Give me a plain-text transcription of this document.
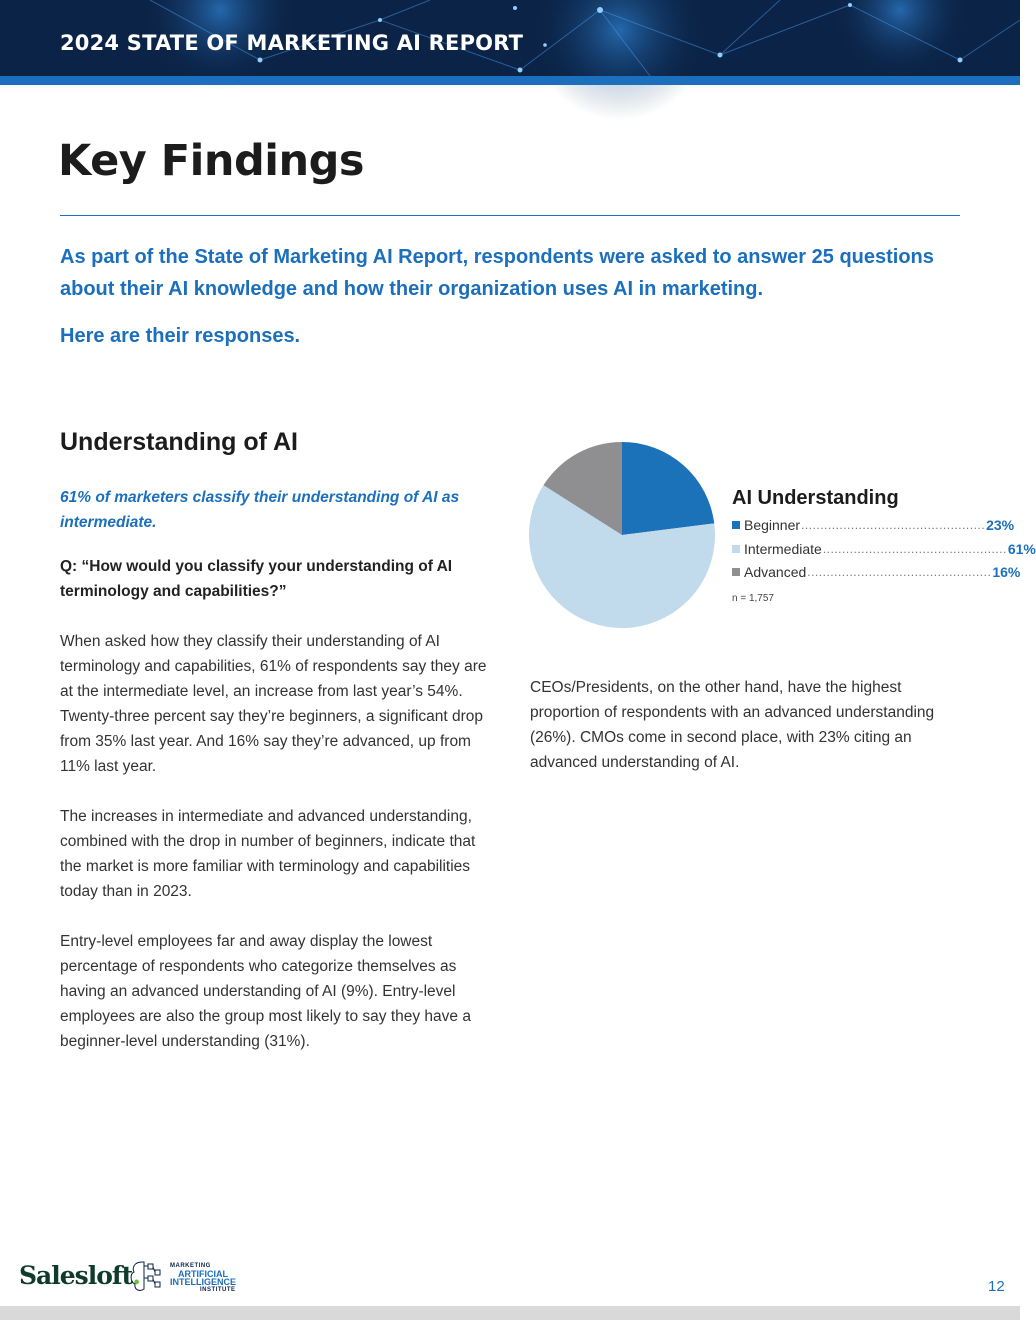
2024 STATE OF MARKETING AI REPORT
Key Findings

As part of the State of Marketing AI Report, respondents were asked to answer 25 questions about their AI knowledge and how their organization uses AI in marketing.

Here are their responses.

Understanding of AI

61% of marketers classify their understanding of AI as intermediate.

Q: “How would you classify your understanding of AI terminology and capabilities?”

When asked how they classify their understanding of AI terminology and capabilities, 61% of respondents say they are at the intermediate level, an increase from last year’s 54%. Twenty-three percent say they’re beginners, a significant drop from 35% last year. And 16% say they’re advanced, up from 11% last year.

The increases in intermediate and advanced understanding, combined with the drop in number of beginners, indicate that the market is more familiar with terminology and capabilities today than in 2023.

Entry-level employees far and away display the lowest percentage of respondents who categorize themselves as having an advanced understanding of AI (9%). Entry-level employees are also the group most likely to say they have a beginner-level understanding (31%).

AI Understanding
Beginner ................................................ 23%
Intermediate ................................................ 61%
Advanced ................................................ 16%
n = 1,757

CEOs/Presidents, on the other hand, have the highest proportion of respondents with an advanced understanding (26%). CMOs come in second place, with 23% citing an advanced understanding of AI.

Salesloft.	MARKETING
ARTIFICIAL
INTELLIGENCE
INSTITUTE	12
